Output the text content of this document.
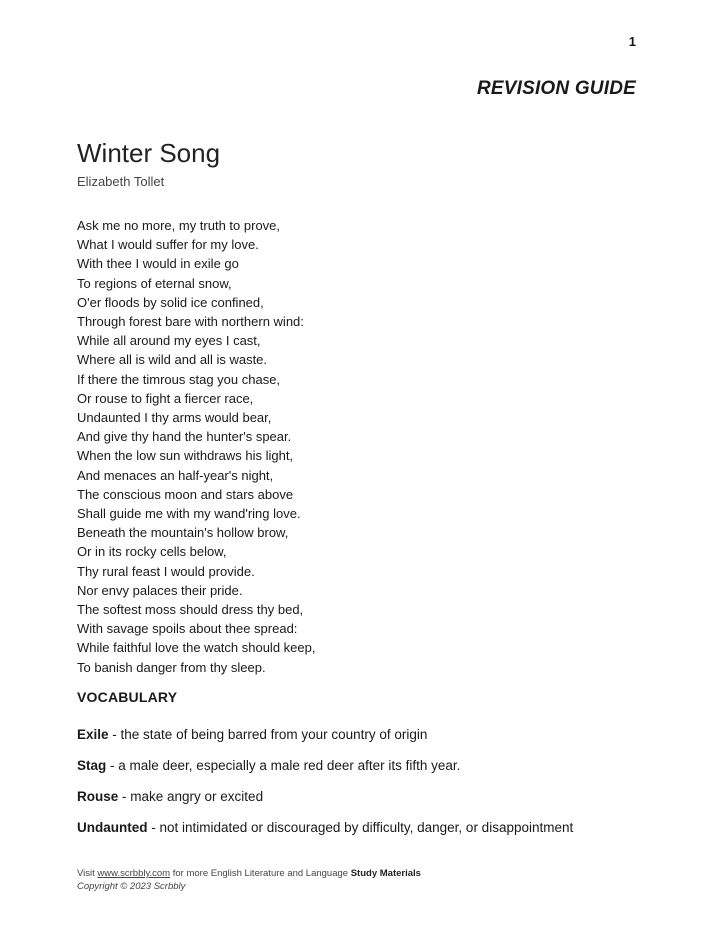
1
REVISION GUIDE
Winter Song
Elizabeth Tollet
Ask me no more, my truth to prove,
What I would suffer for my love.
With thee I would in exile go
To regions of eternal snow,
O'er floods by solid ice confined,
Through forest bare with northern wind:
While all around my eyes I cast,
Where all is wild and all is waste.
If there the timrous stag you chase,
Or rouse to fight a fiercer race,
Undaunted I thy arms would bear,
And give thy hand the hunter's spear.
When the low sun withdraws his light,
And menaces an half-year's night,
The conscious moon and stars above
Shall guide me with my wand'ring love.
Beneath the mountain's hollow brow,
Or in its rocky cells below,
Thy rural feast I would provide.
Nor envy palaces their pride.
The softest moss should dress thy bed,
With savage spoils about thee spread:
While faithful love the watch should keep,
To banish danger from thy sleep.
VOCABULARY
Exile - the state of being barred from your country of origin
Stag - a male deer, especially a male red deer after its fifth year.
Rouse - make angry or excited
Undaunted - not intimidated or discouraged by difficulty, danger, or disappointment
Visit www.scrbbly.com for more English Literature and Language Study Materials
Copyright © 2023 Scrbbly
